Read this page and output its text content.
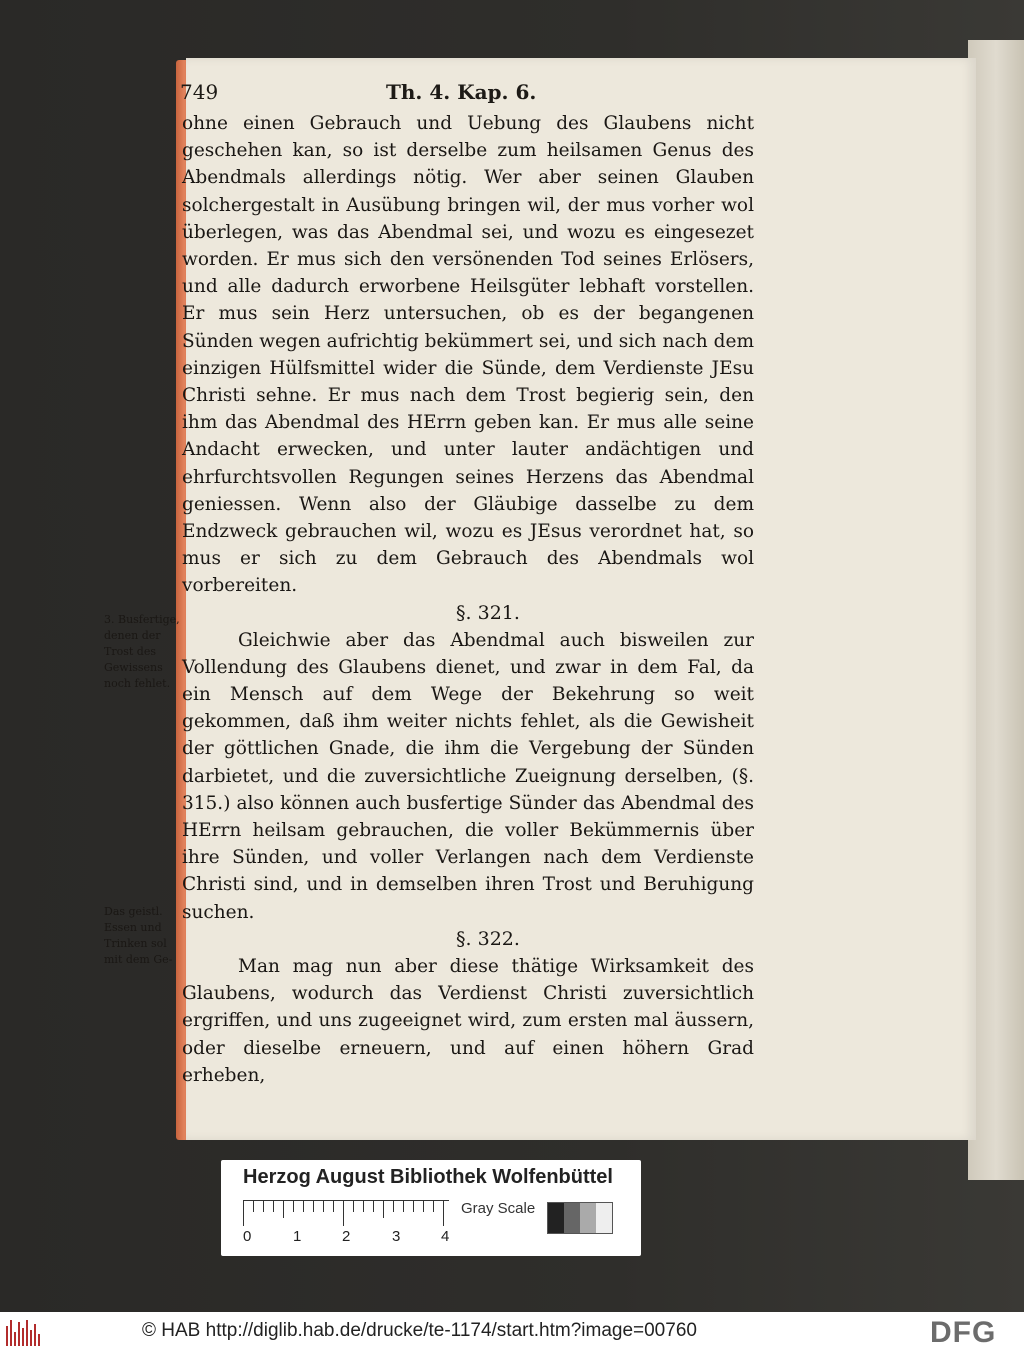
749	Th. 4. Kap. 6.

ohne einen Gebrauch und Uebung des Glaubens nicht geschehen kan, so ist derselbe zum heilsamen Genus des Abendmals allerdings nötig. Wer aber seinen Glauben solchergestalt in Ausübung bringen wil, der mus vorher wol überlegen, was das Abendmal sei, und wozu es eingesezet worden. Er mus sich den versönenden Tod seines Erlösers, und alle dadurch erworbene Heilsgüter lebhaft vorstellen. Er mus sein Herz untersuchen, ob es der begangenen Sünden wegen aufrichtig bekümmert sei, und sich nach dem einzigen Hülfsmittel wider die Sünde, dem Verdienste JEsu Christi sehne. Er mus nach dem Trost begierig sein, den ihm das Abendmal des HErrn geben kan. Er mus alle seine Andacht erwecken, und unter lauter andächtigen und ehrfurchtsvollen Regungen seines Herzens das Abendmal geniessen. Wenn also der Gläubige dasselbe zu dem Endzweck gebrauchen wil, wozu es JEsus verordnet hat, so mus er sich zu dem Gebrauch des Abendmals wol vorbereiten.

§. 321.

Gleichwie aber das Abendmal auch bisweilen zur Vollendung des Glaubens dienet, und zwar in dem Fal, da ein Mensch auf dem Wege der Bekehrung so weit gekommen, daß ihm weiter nichts fehlet, als die Gewisheit der göttlichen Gnade, die ihm die Vergebung der Sünden darbietet, und die zuversichtliche Zueignung derselben, (§. 315.) also können auch busfertige Sünder das Abendmal des HErrn heilsam gebrauchen, die voller Bekümmernis über ihre Sünden, und voller Verlangen nach dem Verdienste Christi sind, und in demselben ihren Trost und Beruhigung suchen.

§. 322.

Man mag nun aber diese thätige Wirksamkeit des Glaubens, wodurch das Verdienst Christi zuversichtlich ergriffen, und uns zugeeignet wird, zum ersten mal äussern, oder dieselbe erneuern, und auf einen höhern Grad erheben,

3. Busfertige, denen der Trost des Gewissens noch fehlet.
Das geistl. Essen und Trinken sol mit dem Ge-
Herzog August Bibliothek Wolfenbüttel
0	1	2	3	4
Gray Scale
© HAB http://diglib.hab.de/drucke/te-1174/start.htm?image=00760	DFG
